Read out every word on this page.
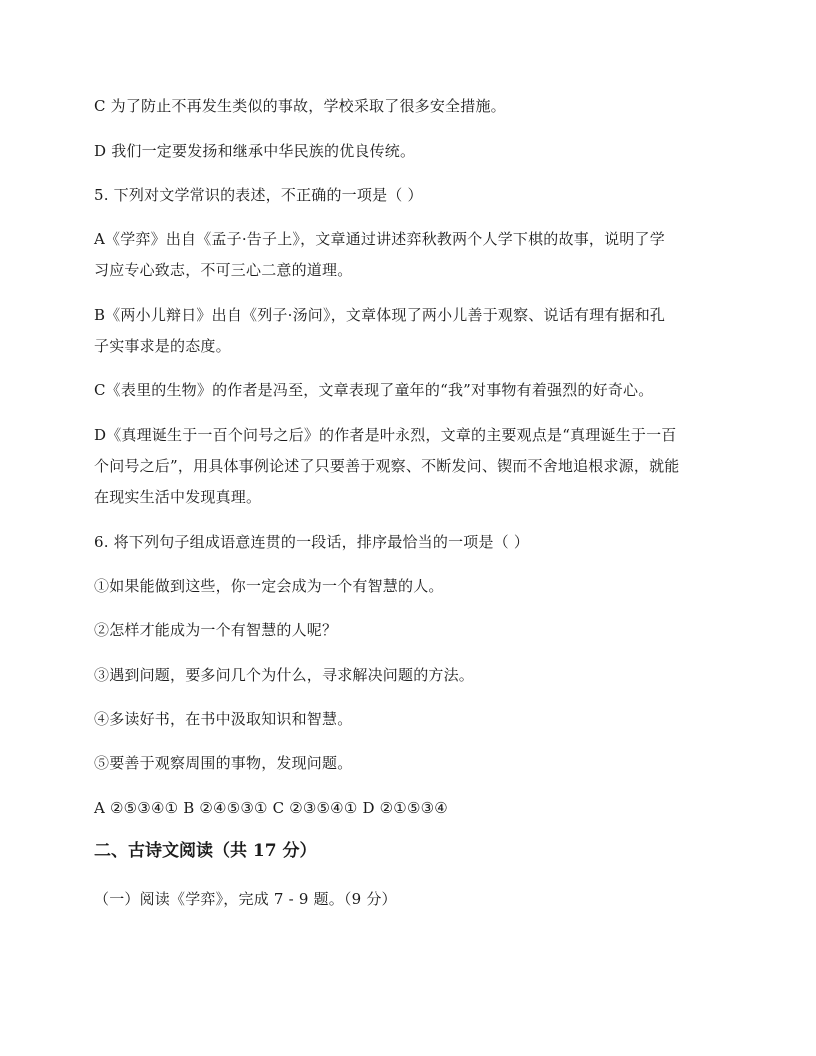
C 为了防止不再发生类似的事故，学校采取了很多安全措施。
D 我们一定要发扬和继承中华民族的优良传统。
5. 下列对文学常识的表述，不正确的一项是（ ）
A《学弈》出自《孟子·告子上》，文章通过讲述弈秋教两个人学下棋的故事，说明了学
习应专心致志，不可三心二意的道理。
B《两小儿辩日》出自《列子·汤问》，文章体现了两小儿善于观察、说话有理有据和孔
子实事求是的态度。
C《表里的生物》的作者是冯至，文章表现了童年的“我”对事物有着强烈的好奇心。
D《真理诞生于一百个问号之后》的作者是叶永烈，文章的主要观点是“真理诞生于一百
个问号之后”，用具体事例论述了只要善于观察、不断发问、锲而不舍地追根求源，就能
在现实生活中发现真理。
6. 将下列句子组成语意连贯的一段话，排序最恰当的一项是（ ）
①如果能做到这些，你一定会成为一个有智慧的人。
②怎样才能成为一个有智慧的人呢？
③遇到问题，要多问几个为什么，寻求解决问题的方法。
④多读好书，在书中汲取知识和智慧。
⑤要善于观察周围的事物，发现问题。
A ②⑤③④① B ②④⑤③① C ②③⑤④① D ②①⑤③④
二、古诗文阅读（共 17 分）
（一）阅读《学弈》，完成 7 - 9 题。（9 分）
